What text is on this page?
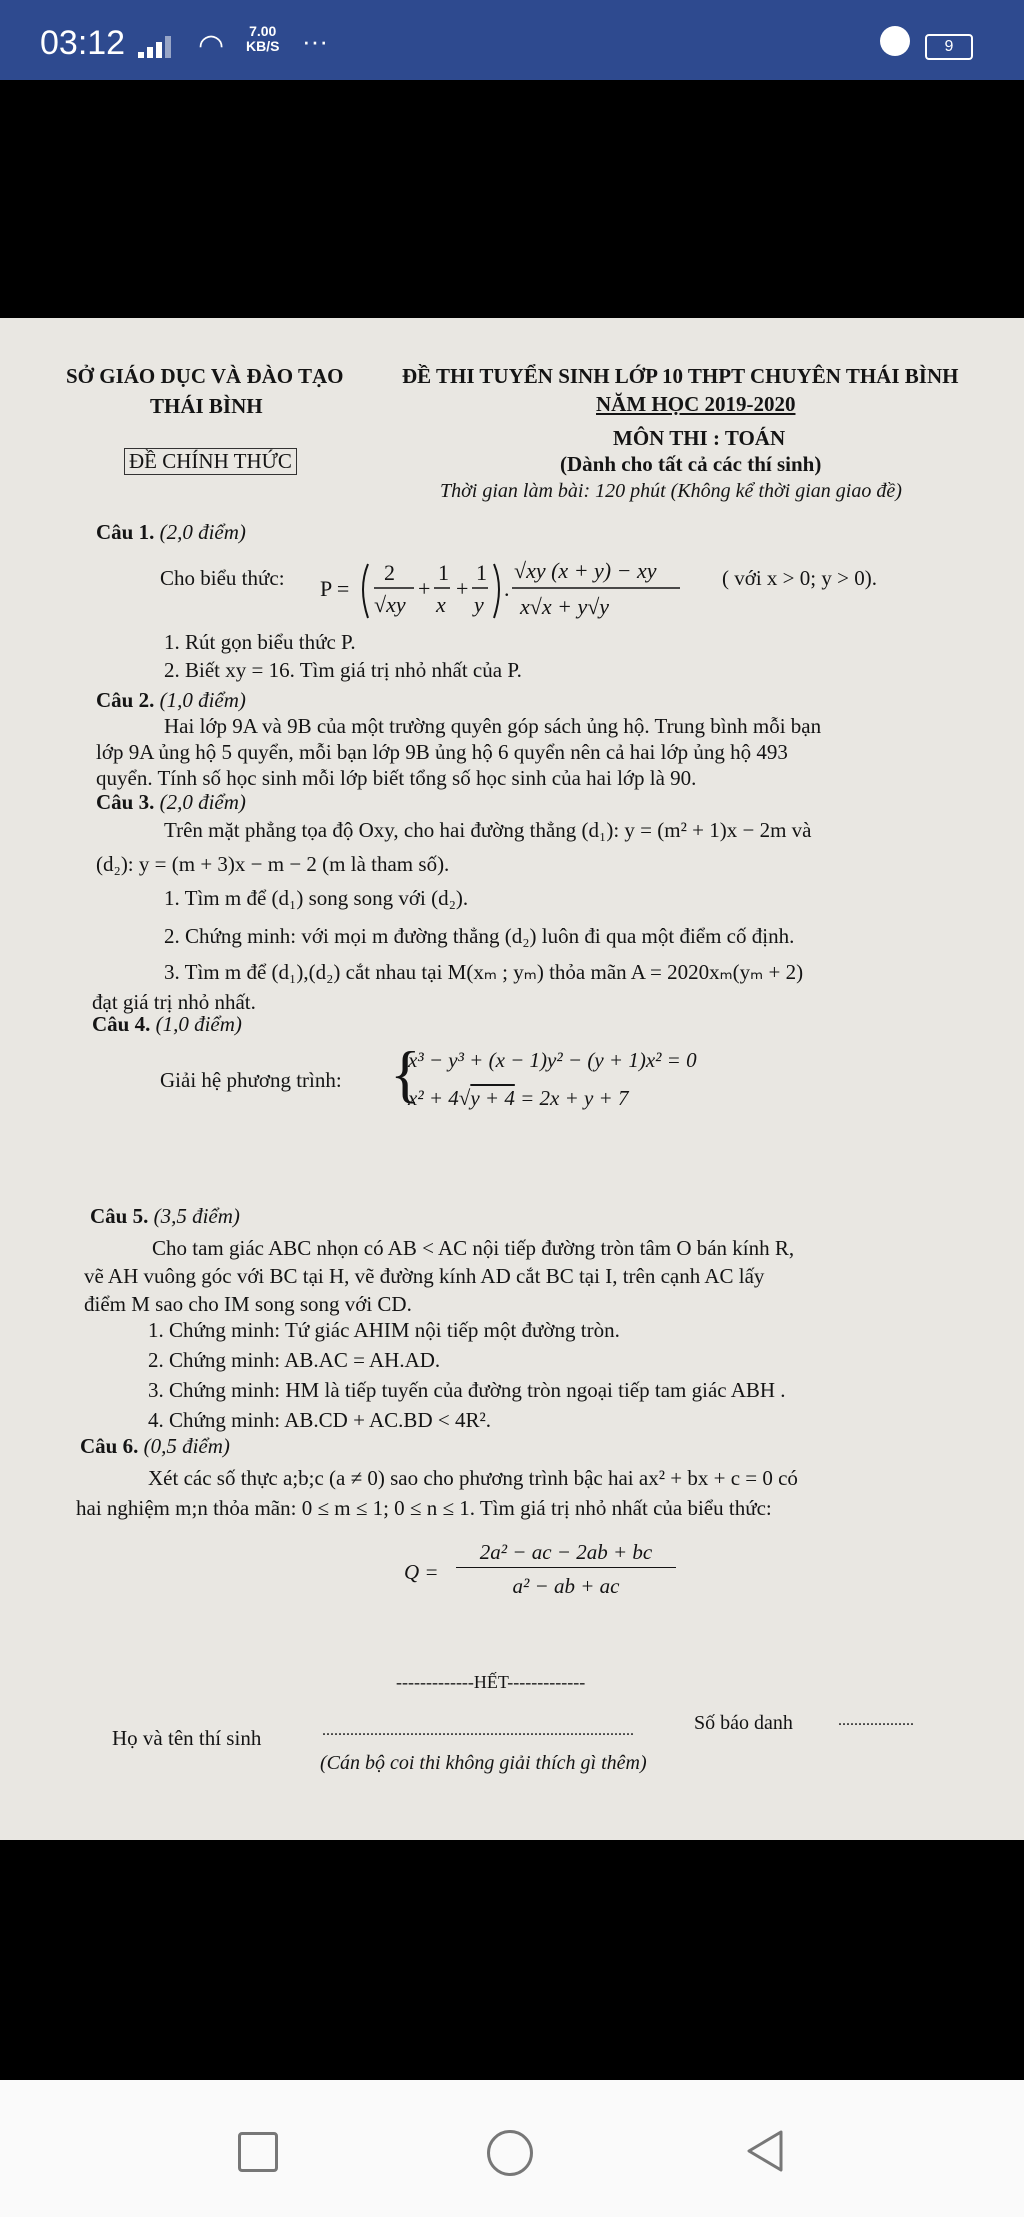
03:12 ◠ 7.00
KB/S ···	9
SỞ GIÁO DỤC VÀ ĐÀO TẠO
THÁI BÌNH
ĐỀ CHÍNH THỨC
ĐỀ THI TUYỂN SINH LỚP 10 THPT CHUYÊN THÁI BÌNH
NĂM HỌC 2019-2020
MÔN THI : TOÁN
(Dành cho tất cả các thí sinh)
Thời gian làm bài: 120 phút (Không kể thời gian giao đề)
Câu 1. (2,0 điểm)
Cho biểu thức: P =
2
√xy
+
1
x
+
1
y
.
√xy (x + y) − xy
x√x + y√y
( với x > 0; y > 0).
1. Rút gọn biểu thức P.
2. Biết xy = 16. Tìm giá trị nhỏ nhất của P.
Câu 2. (1,0 điểm)
Hai lớp 9A và 9B của một trường quyên góp sách ủng hộ. Trung bình mỗi bạn
lớp 9A ủng hộ 5 quyển, mỗi bạn lớp 9B ủng hộ 6 quyển nên cả hai lớp ủng hộ 493
quyển. Tính số học sinh mỗi lớp biết tổng số học sinh của hai lớp là 90.
Câu 3. (2,0 điểm)
Trên mặt phẳng tọa độ Oxy, cho hai đường thẳng (d₁): y = (m² + 1)x − 2m và
(d₂): y = (m + 3)x − m − 2 (m là tham số).
1. Tìm m để (d₁) song song với (d₂).
2. Chứng minh: với mọi m đường thẳng (d₂) luôn đi qua một điểm cố định.
3. Tìm m để (d₁),(d₂) cắt nhau tại M(xₘ ; yₘ) thỏa mãn A = 2020xₘ(yₘ + 2)
đạt giá trị nhỏ nhất.
Câu 4. (1,0 điểm)
Giải hệ phương trình: {
x³ − y³ + (x − 1)y² − (y + 1)x² = 0
x² + 4√y + 4 = 2x + y + 7
Câu 5. (3,5 điểm)
Cho tam giác ABC nhọn có AB < AC nội tiếp đường tròn tâm O bán kính R,
vẽ AH vuông góc với BC tại H, vẽ đường kính AD cắt BC tại I, trên cạnh AC lấy
điểm M sao cho IM song song với CD.
1. Chứng minh: Tứ giác AHIM nội tiếp một đường tròn.
2. Chứng minh: AB.AC = AH.AD.
3. Chứng minh: HM là tiếp tuyến của đường tròn ngoại tiếp tam giác ABH .
4. Chứng minh: AB.CD + AC.BD < 4R².
Câu 6. (0,5 điểm)
Xét các số thực a;b;c (a ≠ 0) sao cho phương trình bậc hai ax² + bx + c = 0 có
hai nghiệm m;n thỏa mãn: 0 ≤ m ≤ 1; 0 ≤ n ≤ 1. Tìm giá trị nhỏ nhất của biểu thức:
Q =
2a² − ac − 2ab + bc
a² − ab + ac
-------------HẾT-------------
Họ và tên thí sinh	..............................................................................	Số báo danh	...................
(Cán bộ coi thi không giải thích gì thêm)
